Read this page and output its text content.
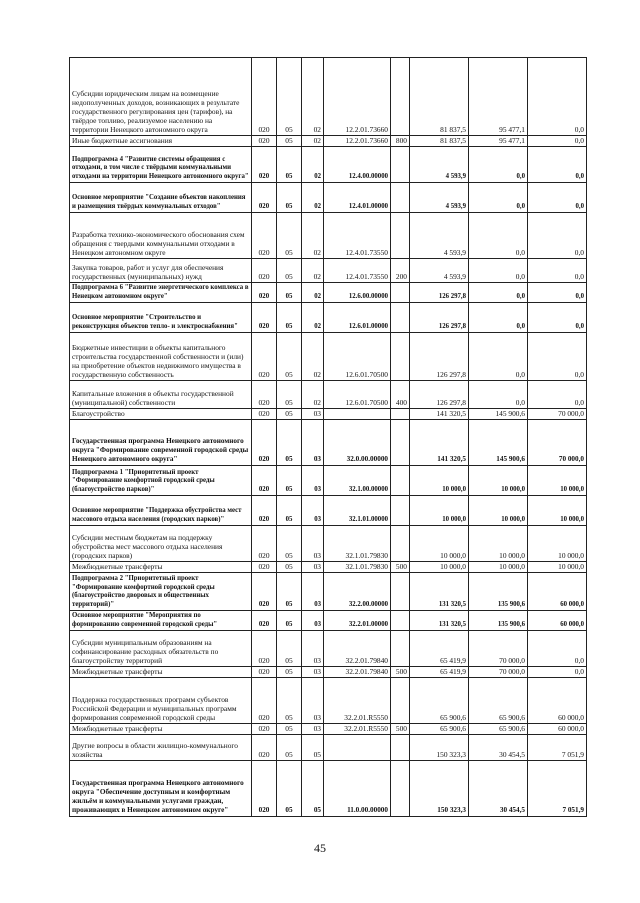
Субсидии юридическим лицам на возмещение недополученных доходов, возникающих в результате государственного регулирования цен (тарифов), на твёрдое топливо, реализуемое населению на территории Ненецкого автономного округа	020	05	02	12.2.01.73660		81 837,5	95 477,1	0,0
Иные бюджетные ассигнования	020	05	02	12.2.01.73660	800	81 837,5	95 477,1	0,0
Подпрограмма 4 "Развитие системы обращения с отходами, в том числе с твёрдыми коммунальными отходами на территории Ненецкого автономного округа"	020	05	02	12.4.00.00000		4 593,9	0,0	0,0
Основное мероприятие "Создание объектов накопления и размещения твёрдых коммунальных отходов"	020	05	02	12.4.01.00000		4 593,9	0,0	0,0
Разработка технико-экономического обоснования схем обращения с твердыми коммунальными отходами в Ненецком автономном округе	020	05	02	12.4.01.73550		4 593,9	0,0	0,0
Закупка товаров, работ и услуг для обеспечения государственных (муниципальных) нужд	020	05	02	12.4.01.73550	200	4 593,9	0,0	0,0
Подпрограмма 6 "Развитие энергетического комплекса в Ненецком автономном округе"	020	05	02	12.6.00.00000		126 297,8	0,0	0,0
Основное мероприятие "Строительство и реконструкция объектов тепло- и электроснабжения"	020	05	02	12.6.01.00000		126 297,8	0,0	0,0
Бюджетные инвестиции в объекты капитального строительства государственной собственности и (или) на приобретение объектов недвижимого имущества в государственную собственность	020	05	02	12.6.01.70500		126 297,8	0,0	0,0
Капитальные вложения в объекты государственной (муниципальной) собственности	020	05	02	12.6.01.70500	400	126 297,8	0,0	0,0
Благоустройство	020	05	03			141 320,5	145 900,6	70 000,0
Государственная программа Ненецкого автономного округа "Формирование современной городской среды Ненецкого автономного округа"	020	05	03	32.0.00.00000		141 320,5	145 900,6	70 000,0
Подпрограмма 1 "Приоритетный проект "Формирование комфортной городской среды (благоустройство парков)"	020	05	03	32.1.00.00000		10 000,0	10 000,0	10 000,0
Основное мероприятие "Поддержка обустройства мест массового отдыха населения (городских парков)"	020	05	03	32.1.01.00000		10 000,0	10 000,0	10 000,0
Субсидии местным бюджетам на поддержку обустройства мест массового отдыха населения (городских парков)	020	05	03	32.1.01.79830		10 000,0	10 000,0	10 000,0
Межбюджетные трансферты	020	05	03	32.1.01.79830	500	10 000,0	10 000,0	10 000,0
Подпрограмма 2 "Приоритетный проект "Формирование комфортной городской среды (благоустройство дворовых и общественных территорий)"	020	05	03	32.2.00.00000		131 320,5	135 900,6	60 000,0
Основное мероприятие "Мероприятия по формированию современной городской среды"	020	05	03	32.2.01.00000		131 320,5	135 900,6	60 000,0
Субсидии муниципальным образованиям на софинансирование расходных обязательств по благоустройству территорий	020	05	03	32.2.01.79840		65 419,9	70 000,0	0,0
Межбюджетные трансферты	020	05	03	32.2.01.79840	500	65 419,9	70 000,0	0,0
Поддержка государственных программ субъектов Российской Федерации и муниципальных программ формирования современной городской среды	020	05	03	32.2.01.R5550		65 900,6	65 900,6	60 000,0
Межбюджетные трансферты	020	05	03	32.2.01.R5550	500	65 900,6	65 900,6	60 000,0
Другие вопросы в области жилищно-коммунального хозяйства	020	05	05			150 323,3	30 454,5	7 051,9
Государственная программа Ненецкого автономного округа "Обеспечение доступным и комфортным жильём и коммунальными услугами граждан, проживающих в Ненецком автономном округе"	020	05	05	11.0.00.00000		150 323,3	30 454,5	7 051,9
45
